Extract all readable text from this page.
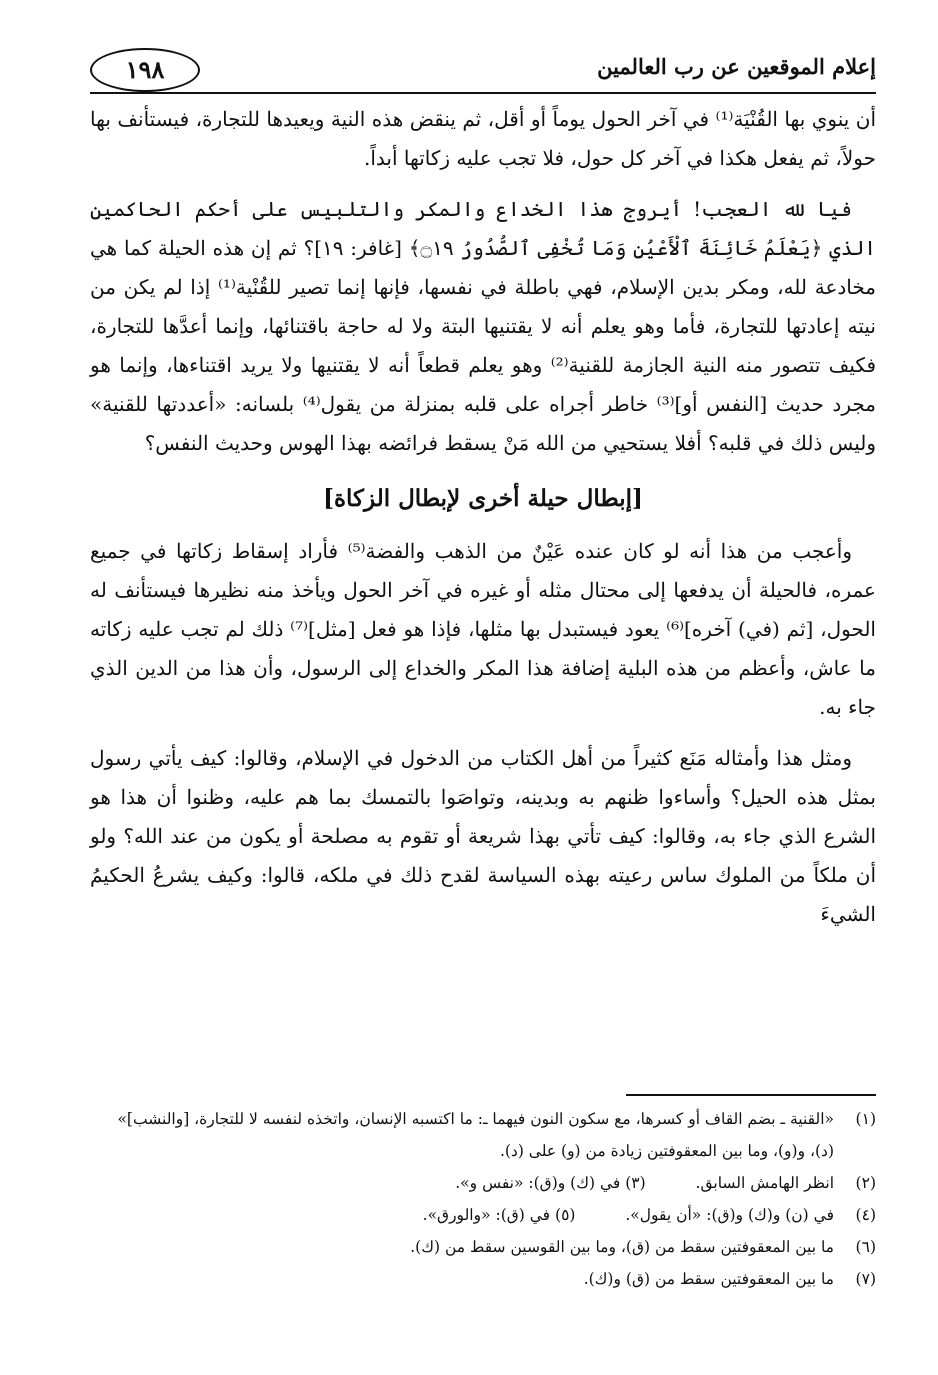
إعلام الموقعين عن رب العالمين
١٩٨

أن ينوي بها القُنْيَة⁽¹⁾ في آخر الحول يوماً أو أقل، ثم ينقض هذه النية ويعيدها للتجارة، فيستأنف بها حولاً، ثم يفعل هكذا في آخر كل حول، فلا تجب عليه زكاتها أبداً.

فيا لله العجب! أيروج هذا الخداع والمكر والتلبيس على أحكم الحاكمين الذي ﴿يَعْلَمُ خَائِنَةَ ٱلْأَعْيُنِ وَمَا تُخْفِى ٱلصُّدُورُ ۝١٩﴾ [غافر: ١٩]؟ ثم إن هذه الحيلة كما هي مخادعة لله، ومكر بدين الإسلام، فهي باطلة في نفسها، فإنها إنما تصير للقُنْية⁽¹⁾ إذا لم يكن من نيته إعادتها للتجارة، فأما وهو يعلم أنه لا يقتنيها البتة ولا له حاجة باقتنائها، وإنما أعدَّها للتجارة، فكيف تتصور منه النية الجازمة للقنية⁽²⁾ وهو يعلم قطعاً أنه لا يقتنيها ولا يريد اقتناءها، وإنما هو مجرد حديث [النفس أو]⁽³⁾ خاطر أجراه على قلبه بمنزلة من يقول⁽⁴⁾ بلسانه: «أعددتها للقنية» وليس ذلك في قلبه؟ أفلا يستحيي من الله مَنْ يسقط فرائضه بهذا الهوس وحديث النفس؟

[إبطال حيلة أخرى لإبطال الزكاة]

وأعجب من هذا أنه لو كان عنده عَيْنٌ من الذهب والفضة⁽⁵⁾ فأراد إسقاط زكاتها في جميع عمره، فالحيلة أن يدفعها إلى محتال مثله أو غيره في آخر الحول ويأخذ منه نظيرها فيستأنف له الحول، [ثم (في) آخره]⁽⁶⁾ يعود فيستبدل بها مثلها، فإذا هو فعل [مثل]⁽⁷⁾ ذلك لم تجب عليه زكاته ما عاش، وأعظم من هذه البلية إضافة هذا المكر والخداع إلى الرسول، وأن هذا من الدين الذي جاء به.

ومثل هذا وأمثاله مَنَع كثيراً من أهل الكتاب من الدخول في الإسلام، وقالوا: كيف يأتي رسول بمثل هذه الحيل؟ وأساءوا ظنهم به وبدينه، وتواصَوا بالتمسك بما هم عليه، وظنوا أن هذا هو الشرع الذي جاء به، وقالوا: كيف تأتي بهذا شريعة أو تقوم به مصلحة أو يكون من عند الله؟ ولو أن ملكاً من الملوك ساس رعيته بهذه السياسة لقدح ذلك في ملكه، قالوا: وكيف يشرعُ الحكيمُ الشيءَ

(١)
«القنية ـ بضم القاف أو كسرها، مع سكون النون فيهما ـ: ما اكتسبه الإنسان، واتخذه لنفسه لا للتجارة، [والنشب]» (د)، و(و)، وما بين المعقوفتين زيادة من (و) على (د).
(٢)
انظر الهامش السابق.  (٣) في (ك) و(ق): «نفس و».
(٤)
في (ن) و(ك) و(ق): «أن يقول».  (٥) في (ق): «والورق».
(٦)
ما بين المعقوفتين سقط من (ق)، وما بين القوسين سقط من (ك).
(٧)
ما بين المعقوفتين سقط من (ق) و(ك).
